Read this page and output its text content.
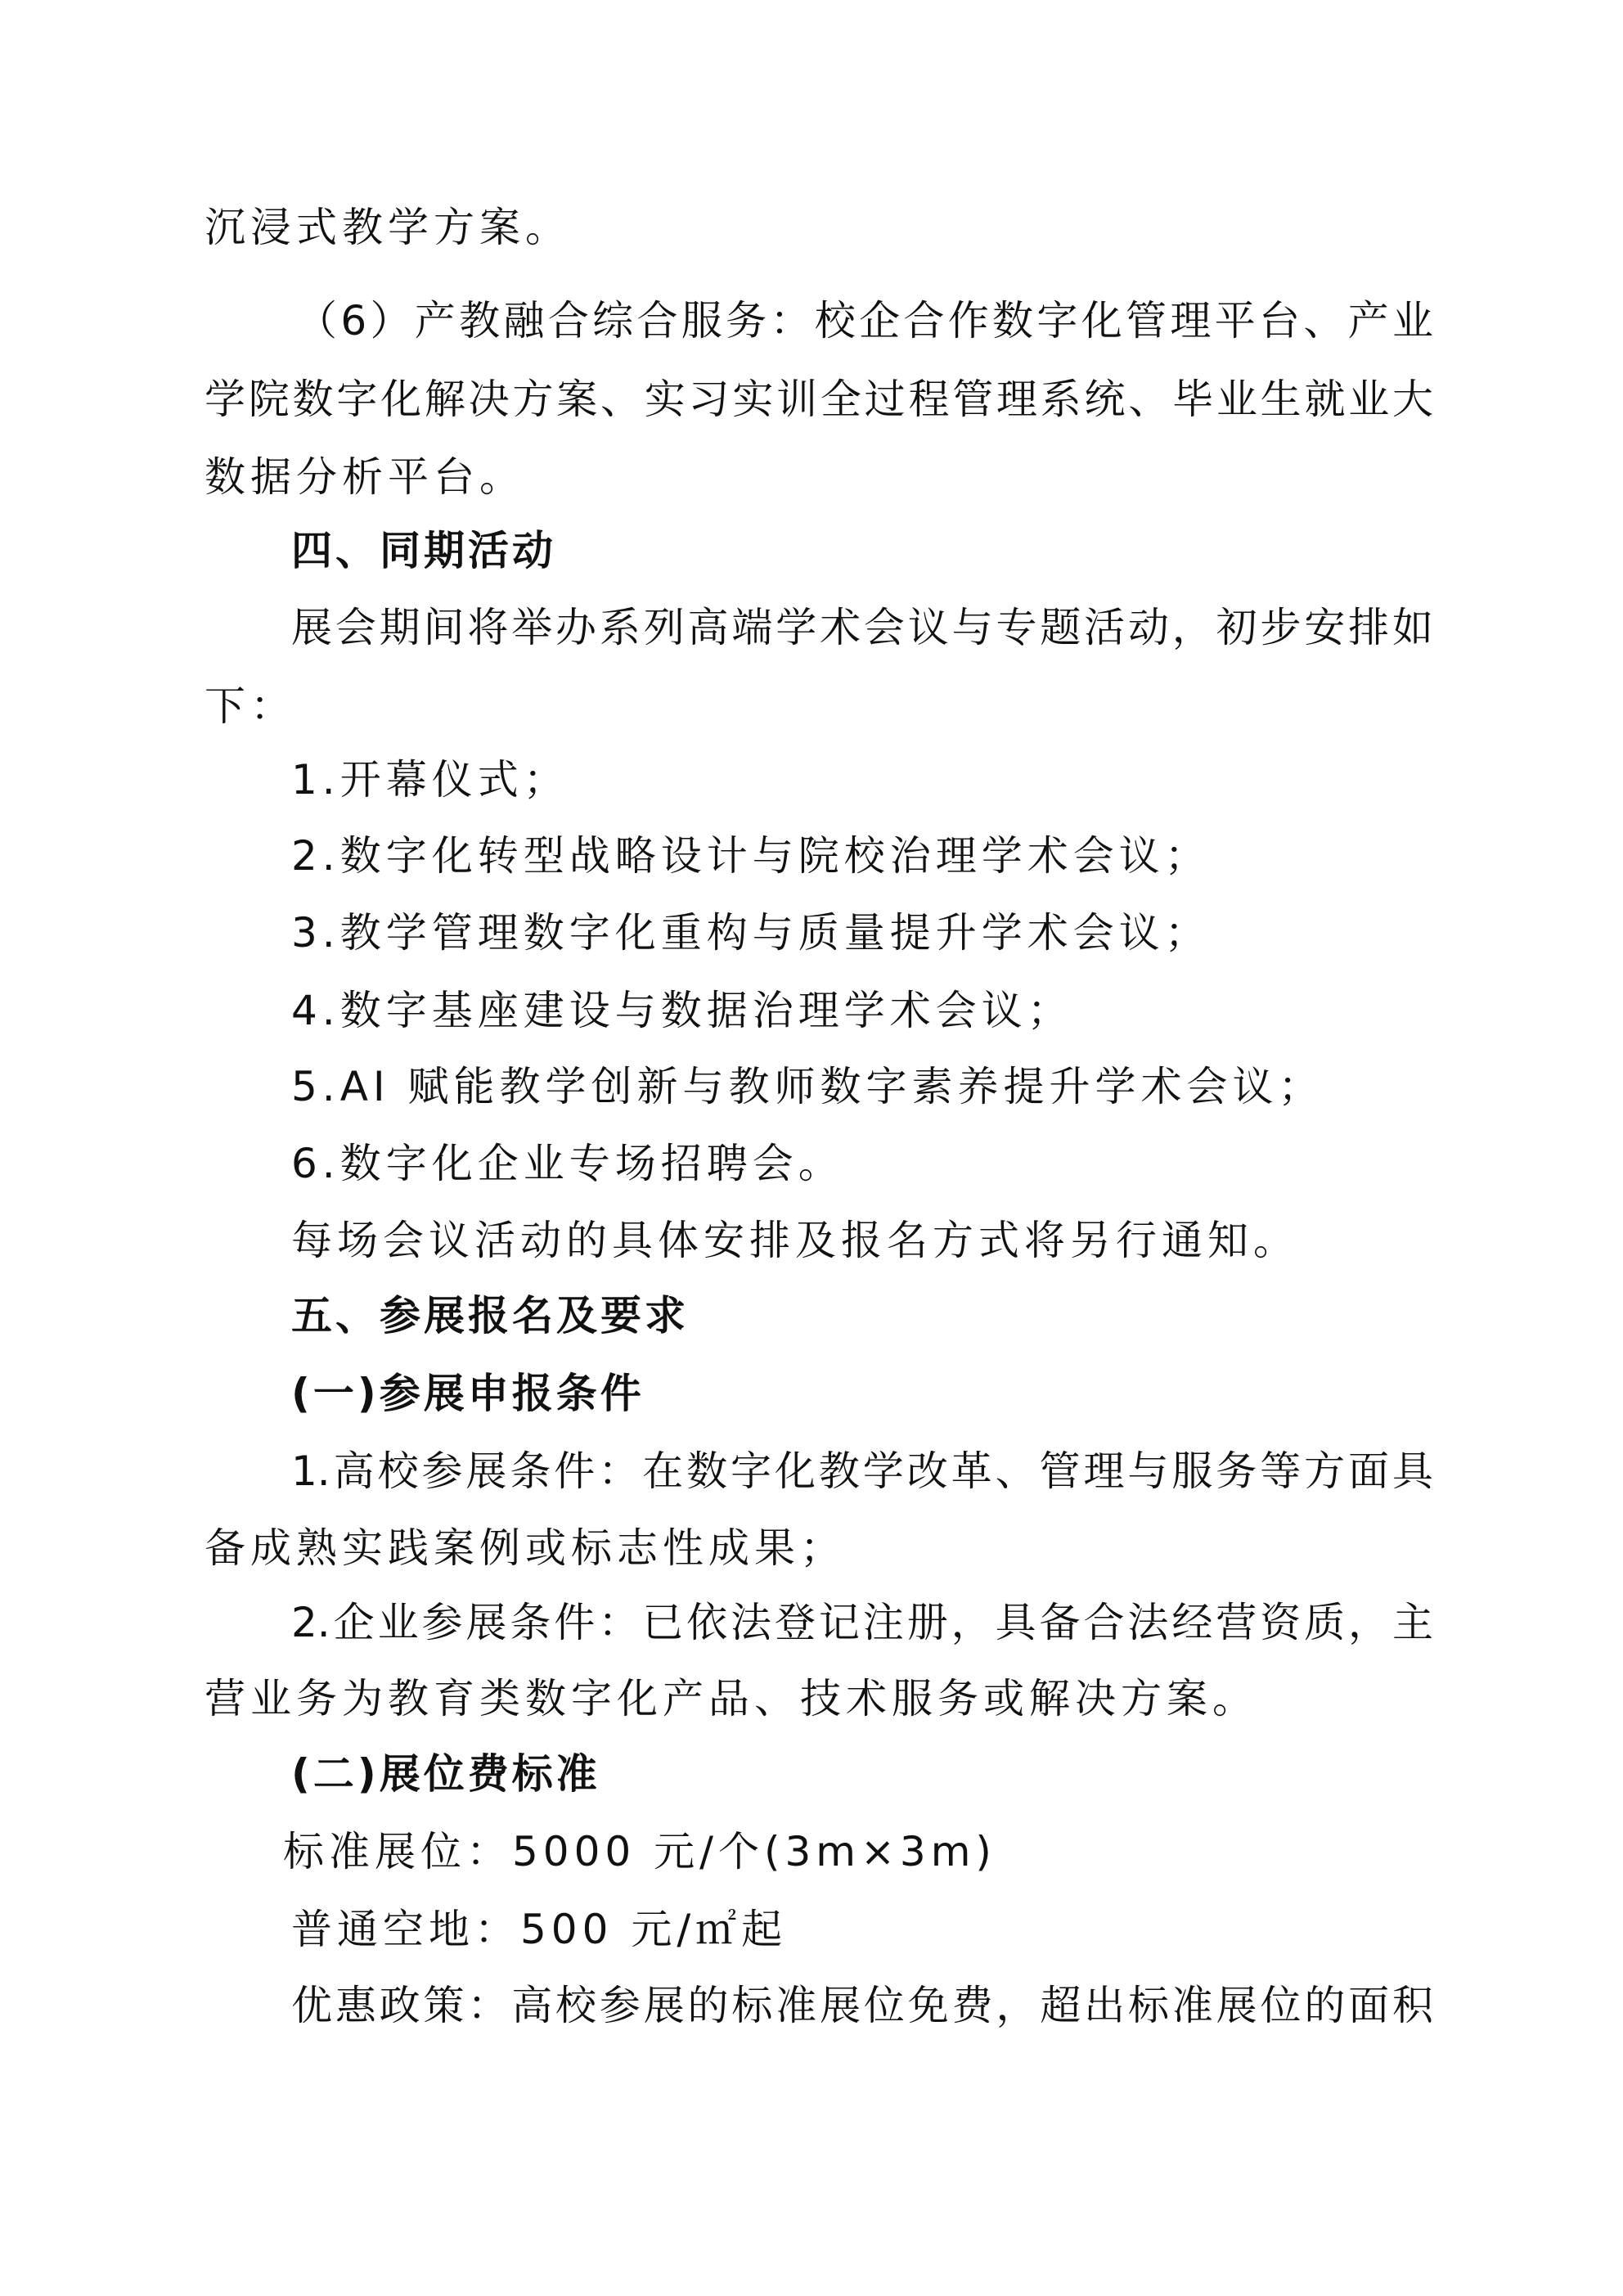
沉浸式教学方案。
（6）产教融合综合服务：校企合作数字化管理平台、产业
学院数字化解决方案、实习实训全过程管理系统、毕业生就业大
数据分析平台。
四、同期活动
展会期间将举办系列高端学术会议与专题活动，初步安排如
下：
1.开幕仪式；
2.数字化转型战略设计与院校治理学术会议；
3.教学管理数字化重构与质量提升学术会议；
4.数字基座建设与数据治理学术会议；
5.AI 赋能教学创新与教师数字素养提升学术会议；
6.数字化企业专场招聘会。
每场会议活动的具体安排及报名方式将另行通知。
五、参展报名及要求
(一)参展申报条件
1.高校参展条件：在数字化教学改革、管理与服务等方面具
备成熟实践案例或标志性成果；
2.企业参展条件：已依法登记注册，具备合法经营资质，主
营业务为教育类数字化产品、技术服务或解决方案。
(二)展位费标准
标准展位：5000 元/个(3m×3m)
普通空地：500 元/㎡起
优惠政策：高校参展的标准展位免费，超出标准展位的面积
